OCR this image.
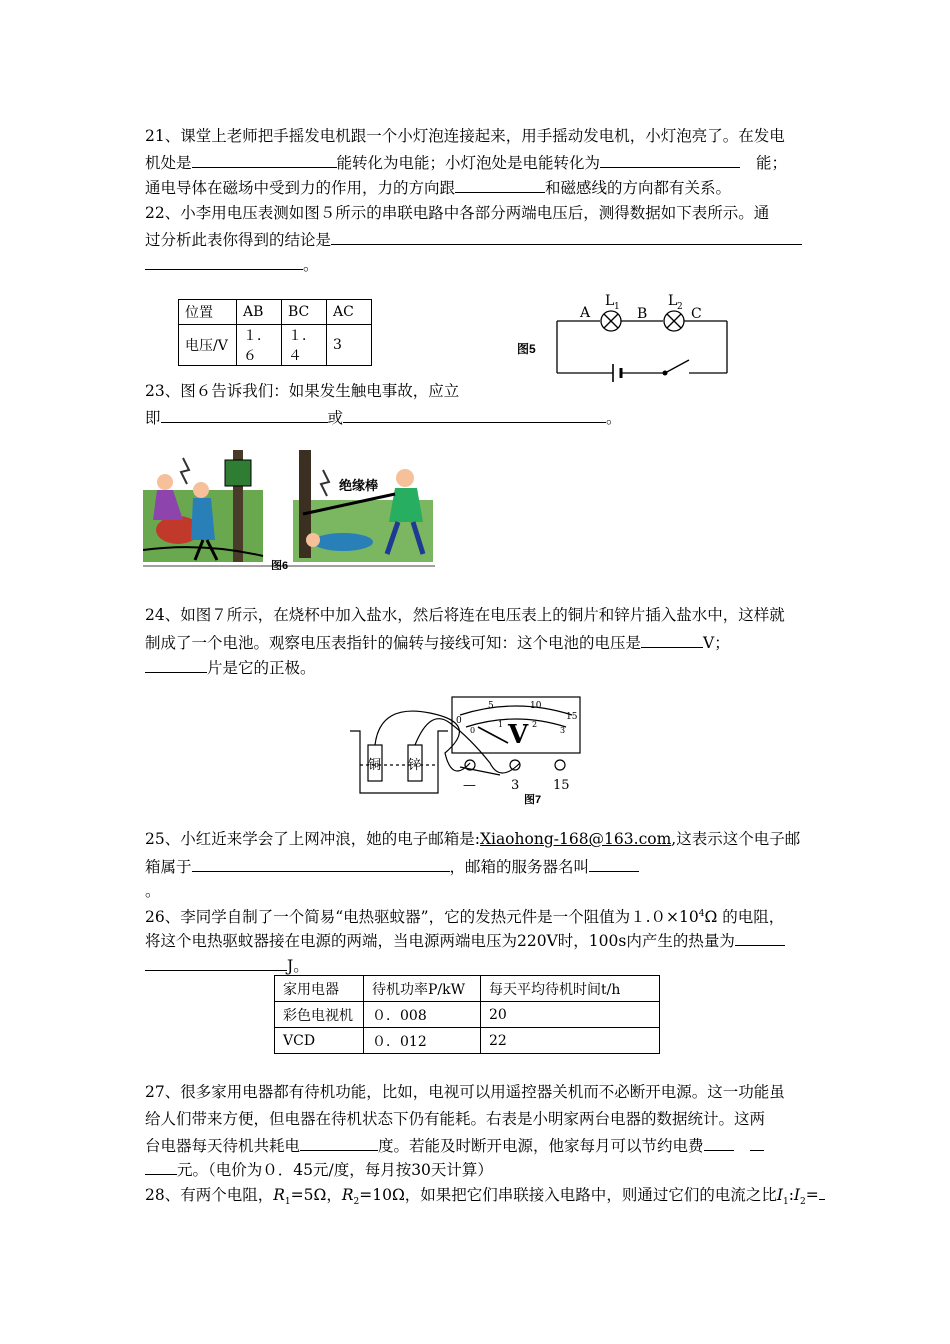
21、课堂上老师把手摇发电机跟一个小灯泡连接起来，用手摇动发电机，小灯泡亮了。在发电
机处是	能转化为电能；小灯泡处是电能转化为	能；
通电导体在磁场中受到力的作用，力的方向跟	和磁感线的方向都有关系。
22、小李用电压表测如图５所示的串联电路中各部分两端电压后，测得数据如下表所示。通
过分析此表你得到的结论是
。
位置	AB	BC	AC
电压/V	１．６	１．４	3
A	B	C
L 1	L 2
图5
23、图６告诉我们：如果发生触电事故，应立
即	或	。
绝缘棒
图6
24、如图７所示，在烧杯中加入盐水，然后将连在电压表上的铜片和锌片插入盐水中，这样就
制成了一个电池。观察电压表指针的偏转与接线可知：这个电池的电压是	V；
片是它的正极。
V
0
5	10
15
0
1	2
3
—	3	15
铜 锌
图7
25、小红近来学会了上网冲浪，她的电子邮箱是:Xiaohong-168@163.com,这表示这个电子邮
箱属于	，邮箱的服务器名叫
。
26、李同学自制了一个简易“电热驱蚊器”，它的发热元件是一个阻值为$1.0\times 10^4\Omega$ 的电阻，
将这个电热驱蚊器接在电源的两端，当电源两端电压为220V时，100s内产生的热量为
J。
家用电器	待机功率P/kW	每天平均待机时间t/h
彩色电视机	０．008	20
VCD	０．012	22
27、很多家用电器都有待机功能，比如，电视可以用遥控器关机而不必断开电源。这一功能虽
给人们带来方便，但电器在待机状态下仍有能耗。右表是小明家两台电器的数据统计。这两
台电器每天待机共耗电	度。若能及时断开电源，他家每月可以节约电费
元。（电价为０．45元/度，每月按30天计算）
28、有两个电阻，$R_1=5\Omega$，$R_2=10\Omega$，如果把它们串联接入电路中，则通过它们的电流之比$I_1:I_2=$
